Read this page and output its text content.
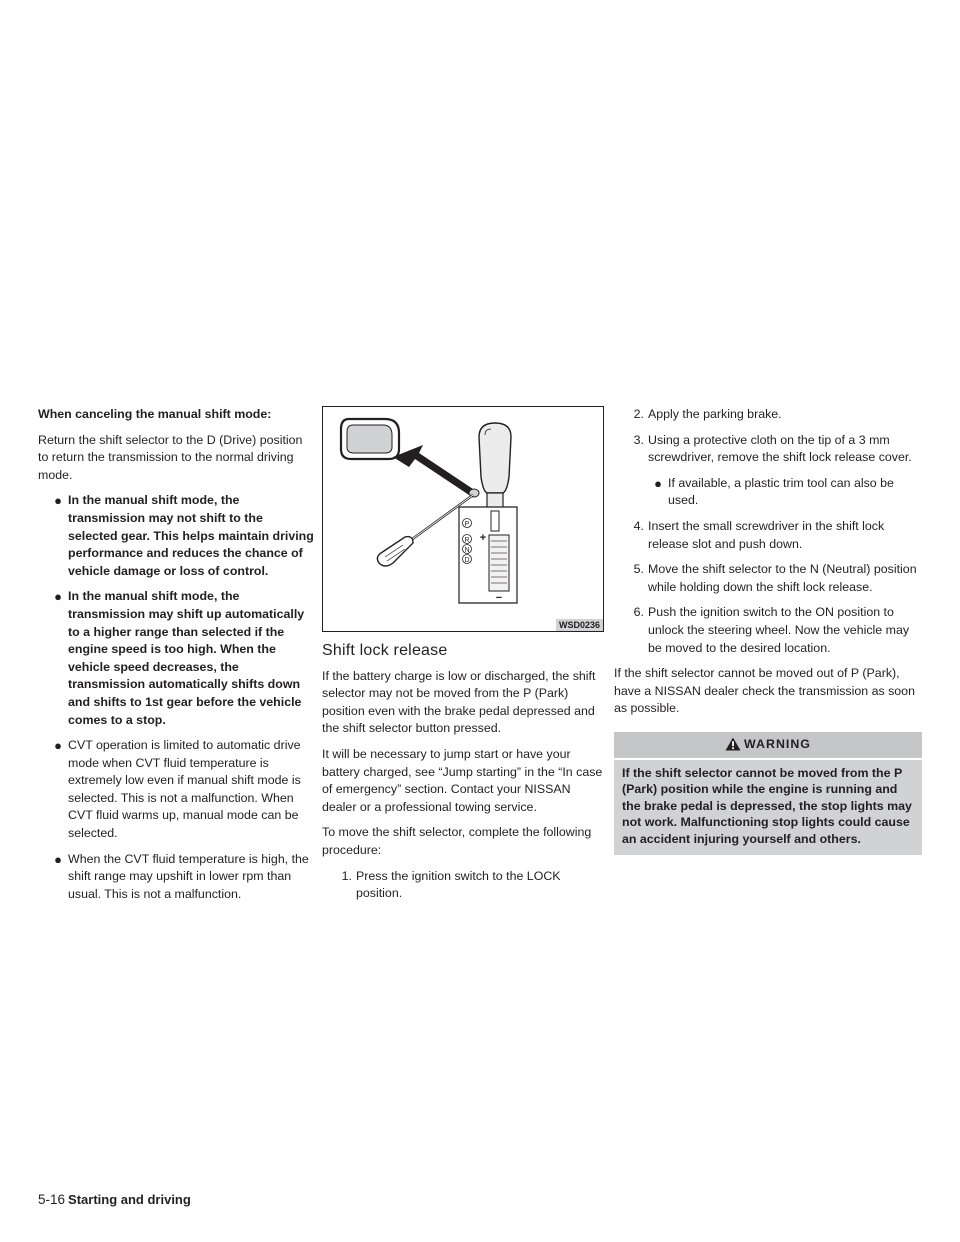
When canceling the manual shift mode:

Return the shift selector to the D (Drive) position to return the transmission to the normal driving mode.

● In the manual shift mode, the transmission may not shift to the selected gear. This helps maintain driving performance and reduces the chance of vehicle damage or loss of control.
● In the manual shift mode, the transmission may shift up automatically to a higher range than selected if the engine speed is too high. When the vehicle speed decreases, the transmission automatically shifts down and shifts to 1st gear before the vehicle comes to a stop.
● CVT operation is limited to automatic drive mode when CVT fluid temperature is extremely low even if manual shift mode is selected. This is not a malfunction. When CVT fluid warms up, manual mode can be selected.
● When the CVT fluid temperature is high, the shift range may upshift in lower rpm than usual. This is not a malfunction.
P
R
N
D
+
−
WSD0236
Shift lock release

If the battery charge is low or discharged, the shift selector may not be moved from the P (Park) position even with the brake pedal depressed and the shift selector button pressed.

It will be necessary to jump start or have your battery charged, see “Jump starting” in the “In case of emergency” section. Contact your NISSAN dealer or a professional towing service.

To move the shift selector, complete the following procedure:

1. Press the ignition switch to the LOCK position.
2. Apply the parking brake.
3. Using a protective cloth on the tip of a 3 mm screwdriver, remove the shift lock release cover.
● If available, a plastic trim tool can also be used.
4. Insert the small screwdriver in the shift lock release slot and push down.
5. Move the shift selector to the N (Neutral) position while holding down the shift lock release.
6. Push the ignition switch to the ON position to unlock the steering wheel. Now the vehicle may be moved to the desired location.

If the shift selector cannot be moved out of P (Park), have a NISSAN dealer check the transmission as soon as possible.

WARNING
If the shift selector cannot be moved from the P (Park) position while the engine is running and the brake pedal is depressed, the stop lights may not work. Malfunctioning stop lights could cause an accident injuring yourself and others.
5-16 Starting and driving
